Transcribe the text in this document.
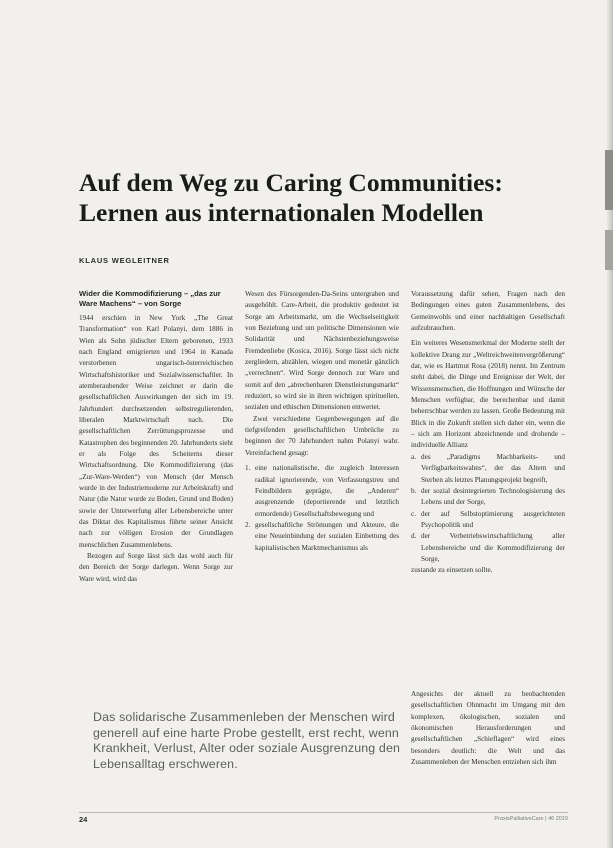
Auf dem Weg zu Caring Communities:
Lernen aus internationalen Modellen
KLAUS WEGLEITNER

Wider die Kommodifizierung – „das zur Ware Machens“ – von Sorge

1944 erschien in New York „The Great Transformation“ von Karl Polanyi, dem 1886 in Wien als Sohn jüdischer Eltern geborenen, 1933 nach England emigrierten und 1964 in Kanada verstorbenen ungarisch-österreichischen Wirtschaftshistoriker und Sozialwissenschaftler. In atemberaubender Weise zeichnet er darin die gesellschaftlichen Auswirkungen der sich im 19. Jahrhundert durchsetzenden selbstregulierenden, liberalen Marktwirtschaft nach. Die gesellschaftlichen Zerrüttungsprozesse und Katastrophen des beginnenden 20. Jahrhunderts sieht er als Folge des Scheiterns dieser Wirtschaftsordnung. Die Kommodifizierung (das „Zur-Ware-Werden“) von Mensch (der Mensch wurde in der Industriemoderne zur Arbeitskraft) und Natur (die Natur wurde zu Boden, Grund und Boden) sowie der Unterwerfung aller Lebensbereiche unter das Diktat des Kapitalismus führte seiner Ansicht nach zur völligen Erosion der Grundlagen menschlichen Zusammenlebens.

Bezogen auf Sorge lässt sich das wohl auch für den Bereich der Sorge darlegen. Wenn Sorge zur Ware wird, wird das

Wesen des Fürsorgenden-Da-Seins untergraben und ausgehöhlt. Care-Arbeit, die produktiv gedeutet ist Sorge am Arbeitsmarkt, um die Wechselseitigkeit von Beziehung und um politische Dimensionen wie Solidarität und Nächstenbeziehungsweise Fremdenliebe (Kosica, 2016). Sorge lässt sich nicht zergliedern, abzählen, wiegen und monetär gänzlich „verrechnen“. Wird Sorge dennoch zur Ware und somit auf den „abrechenbaren Dienstleistungsmarkt“ reduziert, so wird sie in ihren wichtigen spirituellen, sozialen und ethischen Dimensionen entwertet.

Zwei verschiedene Gegenbewegungen auf die tiefgreifenden gesellschaftlichen Umbrüche zu beginnen der 70 Jahrhundert nahm Polanyi wahr. Vereinfachend gesagt:

1. eine nationalistische, die zugleich Interessen radikal ignorierende, von Verfassungstreu und Feindbildern geprägte, die „Anderen“ ausgrenzende (deportierende und letztlich ermordende) Gesellschaftsbewegung und
2. gesellschaftliche Strömungen und Akteure, die eine Neueinbindung der sozialen Einbettung des kapitalistischen Marktmechanismus als

Voraussetzung dafür sehen, Fragen nach den Bedingungen eines guten Zusammenlebens, des Gemeinwohls und einer nachhaltigen Gesellschaft aufzubrauchen.

Ein weiteres Wesensmerkmal der Moderne stellt der kollektive Drang zur „Weltreichweitenvergrößerung“ dar, wie es Hartmut Rosa (2018) nennt. Im Zentrum steht dabei, die Dinge und Ereignisse der Welt, der Wissensmenschen, die Hoffnungen und Wünsche der Menschen verfügbar, die berechenbar und damit beherrschbar werden zu lassen. Große Bedeutung mit Blick in die Zukunft stellen sich daher ein, wenn die – sich am Horizont abzeichnende und drohende – individuelle Allianz

a. des „Paradigms Machbarkeits- und Verfügbarkeitswahns“, der das Altern und Sterben als letztes Planungsprojekt begreift,
b. der sozial desintegrierten Technologisierung des Lebens und der Sorge,
c. der auf Selbstoptimierung ausgerichteten Psychopolitik und
d. der Verbetriebswirtschaftlichung aller Lebensbereiche und die Kommodifizierung der Sorge,

zustande zu einsetzen sollte.

Angesichts der aktuell zu beobachtenden gesellschaftlichen Ohnmacht im Umgang mit den komplexen, ökologischen, sozialen und ökonomischen Herausforderungen und gesellschaftlichen „Schieflagen“ wird eines besonders deutlich: die Welt und das Zusammenleben der Menschen entziehen sich ihm

Das solidarische Zusammenleben der Menschen wird generell auf eine harte Probe gestellt, erst recht, wenn Krankheit, Verlust, Alter oder soziale Ausgrenzung den Lebensalltag erschweren.
24	PraxisPalliativeCare | 46 2019
